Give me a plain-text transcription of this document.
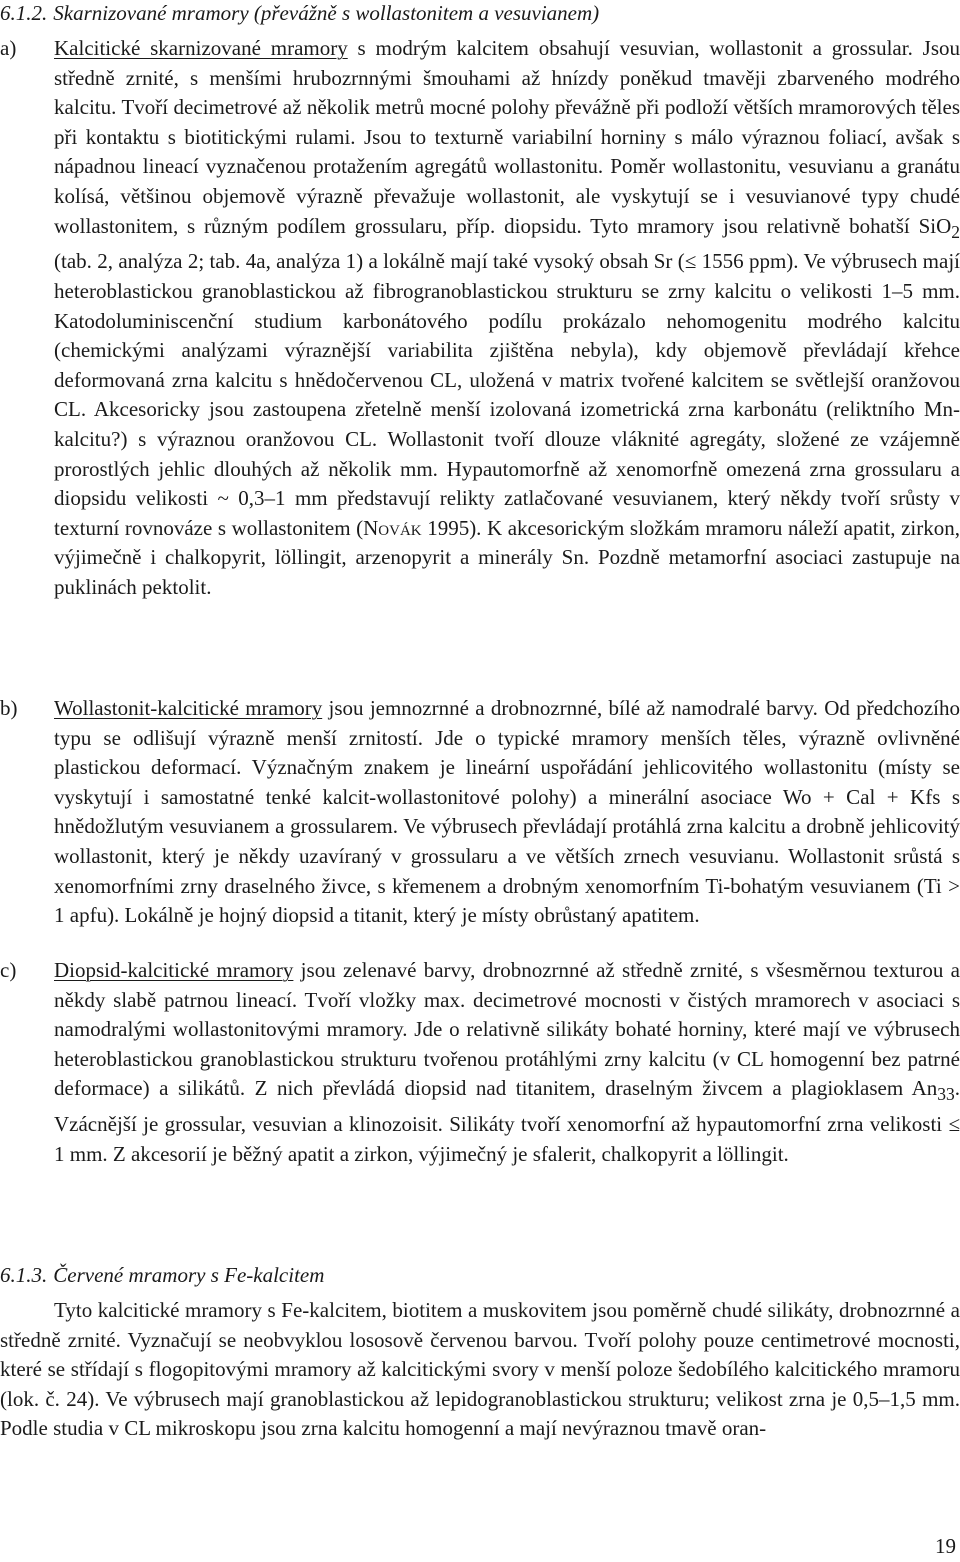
6.1.2. Skarnizované mramory (převážně s wollastonitem a vesuvianem)
a) Kalcitické skarnizované mramory s modrým kalcitem obsahují vesuvian, wollastonit a grossular. Jsou středně zrnité, s menšími hrubozrnnými šmouhami až hnízdy poněkud tmavěji zbarveného modrého kalcitu. Tvoří decimetrové až několik metrů mocné polohy převážně při podloží větších mramorových těles při kontaktu s biotitickými rulami. Jsou to texturně variabilní horniny s málo výraznou foliací, avšak s nápadnou lineací vyznačenou protažením agregátů wollastonitu. Poměr wollastonitu, vesuvianu a granátu kolísá, většinou objemově výrazně převažuje wollastonit, ale vyskytují se i vesuvianové typy chudé wollastonitem, s různým podílem grossularu, příp. diopsidu. Tyto mramory jsou relativně bohatší SiO$_2$ (tab. 2, analýza 2; tab. 4a, analýza 1) a lokálně mají také vysoký obsah Sr (≤ 1556 ppm). Ve výbrusech mají heteroblastickou granoblastickou až fibrogranoblastickou strukturu se zrny kalcitu o velikosti 1–5 mm. Katodoluminiscenční studium karbonátového podílu prokázalo nehomogenitu modrého kalcitu (chemickými analýzami výraznější variabilita zjištěna nebyla), kdy objemově převládají křehce deformovaná zrna kalcitu s hnědočervenou CL, uložená v matrix tvořené kalcitem se světlejší oranžovou CL. Akcesoricky jsou zastoupena zřetelně menší izolovaná izometrická zrna karbonátu (reliktního Mn-kalcitu?) s výraznou oranžovou CL. Wollastonit tvoří dlouze vláknité agregáty, složené ze vzájemně prorostlých jehlic dlouhých až několik mm. Hypautomorfně až xenomorfně omezená zrna grossularu a diopsidu velikosti ~ 0,3–1 mm představují relikty zatlačované vesuvianem, který někdy tvoří srůsty v texturní rovnováze s wollastonitem (Novák 1995). K akcesorickým složkám mramoru náleží apatit, zirkon, výjimečně i chalkopyrit, löllingit, arzenopyrit a minerály Sn. Pozdně metamorfní asociaci zastupuje na puklinách pektolit.
b) Wollastonit-kalcitické mramory jsou jemnozrnné a drobnozrnné, bílé až namodralé barvy. Od předchozího typu se odlišují výrazně menší zrnitostí. Jde o typické mramory menších těles, výrazně ovlivněné plastickou deformací. Význačným znakem je lineární uspořádání jehlicovitého wollastonitu (místy se vyskytují i samostatné tenké kalcit-wollastonitové polohy) a minerální asociace Wo + Cal + Kfs s hnědožlutým vesuvianem a grossularem. Ve výbrusech převládají protáhlá zrna kalcitu a drobně jehlicovitý wollastonit, který je někdy uzavíraný v grossularu a ve větších zrnech vesuvianu. Wollastonit srůstá s xenomorfními zrny draselného živce, s křemenem a drobným xenomorfním Ti-bohatým vesuvianem (Ti > 1 apfu). Lokálně je hojný diopsid a titanit, který je místy obrůstaný apatitem.
c) Diopsid-kalcitické mramory jsou zelenavé barvy, drobnozrnné až středně zrnité, s všesměrnou texturou a někdy slabě patrnou lineací. Tvoří vložky max. decimetrové mocnosti v čistých mramorech v asociaci s namodralými wollastonitovými mramory. Jde o relativně silikáty bohaté horniny, které mají ve výbrusech heteroblastickou granoblastickou strukturu tvořenou protáhlými zrny kalcitu (v CL homogenní bez patrné deformace) a silikátů. Z nich převládá diopsid nad titanitem, draselným živcem a plagioklasem $An_{33}$. Vzácnější je grossular, vesuvian a klinozoisit. Silikáty tvoří xenomorfní až hypautomorfní zrna velikosti ≤ 1 mm. Z akcesorií je běžný apatit a zirkon, výjimečný je sfalerit, chalkopyrit a löllingit.
6.1.3. Červené mramory s Fe-kalcitem
Tyto kalcitické mramory s Fe-kalcitem, biotitem a muskovitem jsou poměrně chudé silikáty, drobnozrnné a středně zrnité. Vyznačují se neobvyklou lososově červenou barvou. Tvoří polohy pouze centimetrové mocnosti, které se střídají s flogopitovými mramory až kalcitickými svory v menší poloze šedobílého kalcitického mramoru (lok. č. 24). Ve výbrusech mají granoblastickou až lepidogranoblastickou strukturu; velikost zrna je 0,5–1,5 mm. Podle studia v CL mikroskopu jsou zrna kalcitu homogenní a mají nevýraznou tmavě oran-
19
